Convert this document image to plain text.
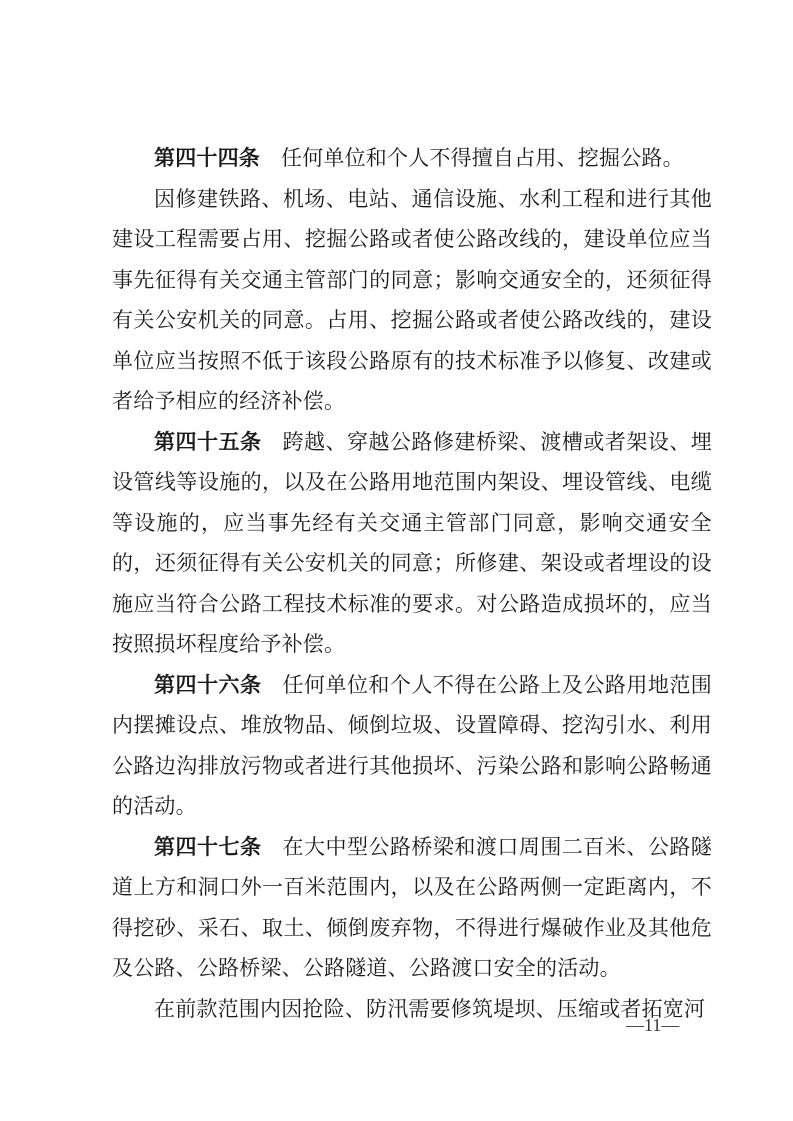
第四十四条 任何单位和个人不得擅自占用、挖掘公路。

因修建铁路、机场、电站、通信设施、水利工程和进行其他建设工程需要占用、挖掘公路或者使公路改线的，建设单位应当事先征得有关交通主管部门的同意；影响交通安全的，还须征得有关公安机关的同意。占用、挖掘公路或者使公路改线的，建设单位应当按照不低于该段公路原有的技术标准予以修复、改建或者给予相应的经济补偿。

第四十五条 跨越、穿越公路修建桥梁、渡槽或者架设、埋设管线等设施的，以及在公路用地范围内架设、埋设管线、电缆等设施的，应当事先经有关交通主管部门同意，影响交通安全的，还须征得有关公安机关的同意；所修建、架设或者埋设的设施应当符合公路工程技术标准的要求。对公路造成损坏的，应当按照损坏程度给予补偿。

第四十六条 任何单位和个人不得在公路上及公路用地范围内摆摊设点、堆放物品、倾倒垃圾、设置障碍、挖沟引水、利用公路边沟排放污物或者进行其他损坏、污染公路和影响公路畅通的活动。

第四十七条 在大中型公路桥梁和渡口周围二百米、公路隧道上方和洞口外一百米范围内，以及在公路两侧一定距离内，不得挖砂、采石、取土、倾倒废弃物，不得进行爆破作业及其他危及公路、公路桥梁、公路隧道、公路渡口安全的活动。

在前款范围内因抢险、防汛需要修筑堤坝、压缩或者拓宽河

—11—
